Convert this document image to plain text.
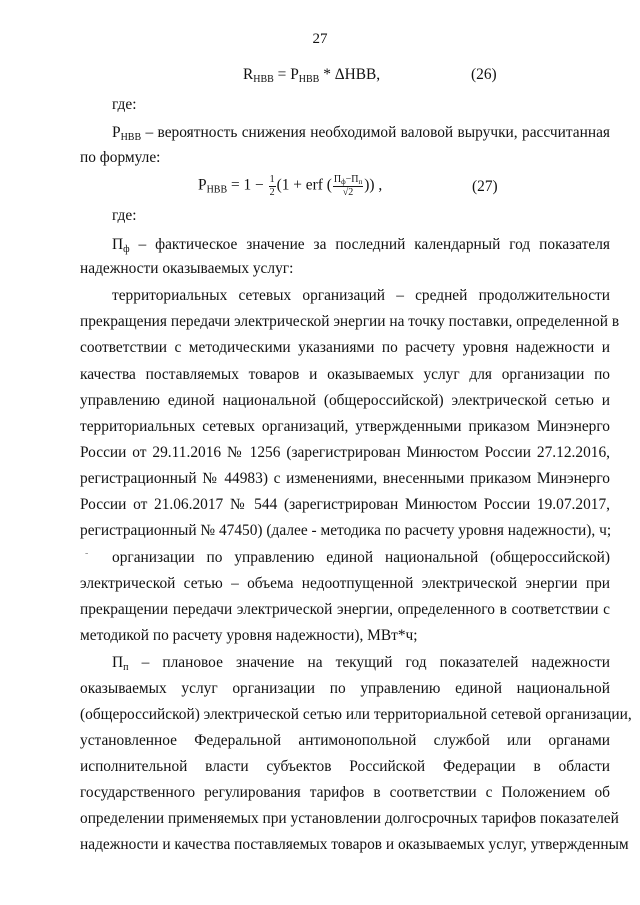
27
$R_{НВВ} = P_{НВВ} * \Delta НВВ$,	(26)
где:
$P_{НВВ}$ – вероятность снижения необходимой валовой выручки, рассчитанная
по формуле:
$P_{НВВ} = 1 - \frac{1}{2} (1$ + erf ( $\frac{П_ф-П_п}{√2}$ )) ,	(27)
где:
$П_ф$ – фактическое значение за последний календарный год показателя
надежности оказываемых услуг:
территориальных сетевых организаций – средней продолжительности
прекращения передачи электрической энергии на точку поставки, определенной в
соответствии с методическими указаниями по расчету уровня надежности и
качества поставляемых товаров и оказываемых услуг для организации по
управлению единой национальной (общероссийской) электрической сетью и
территориальных сетевых организаций, утвержденными приказом Минэнерго
России от 29.11.2016 № 1256 (зарегистрирован Минюстом России 27.12.2016,
регистрационный № 44983) с изменениями, внесенными приказом Минэнерго
России от 21.06.2017 № 544 (зарегистрирован Минюстом России 19.07.2017,
регистрационный № 47450) (далее - методика по расчету уровня надежности), ч;
- организации по управлению единой национальной (общероссийской)
электрической сетью – объема недоотпущенной электрической энергии при
прекращении передачи электрической энергии, определенного в соответствии с
методикой по расчету уровня надежности), МВт*ч;
$П_п$ – плановое значение на текущий год показателей надежности
оказываемых услуг организации по управлению единой национальной
(общероссийской) электрической сетью или территориальной сетевой организации,
установленное Федеральной антимонопольной службой или органами
исполнительной власти субъектов Российской Федерации в области
государственного регулирования тарифов в соответствии с Положением об
определении применяемых при установлении долгосрочных тарифов показателей
надежности и качества поставляемых товаров и оказываемых услуг, утвержденным
